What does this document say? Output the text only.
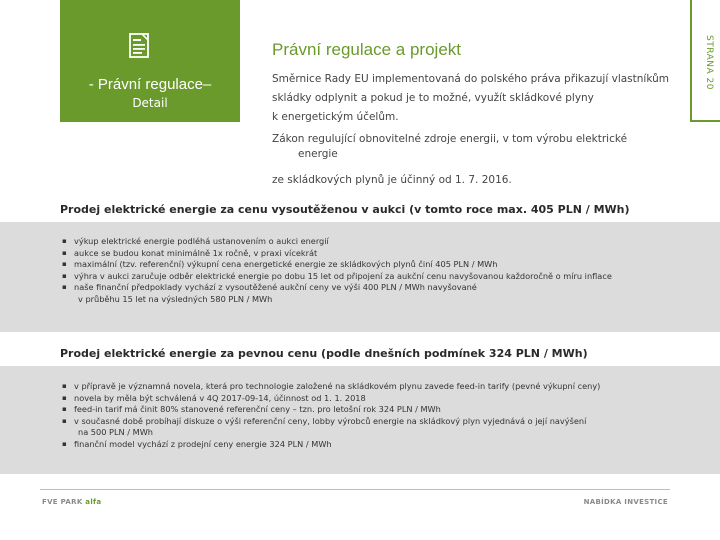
- Právní regulace–
Detail
STRANA 20
Právní regulace a projekt
Směrnice Rady EU implementovaná do polského práva přikazují vlastníkům
skládky odplynit a pokud je to možné, využít skládkové plyny
k energetickým účelům.
Zákon regulující obnovitelné zdroje energii, v tom výrobu elektrické
energie
ze skládkových plynů je účinný od 1. 7. 2016.
Prodej elektrické energie za cenu vysoutěženou v aukci (v tomto roce max. 405 PLN / MWh)
▪ výkup elektrické energie podléhá ustanovením o aukci energií
▪ aukce se budou konat minimálně 1x ročně, v praxi vícekrát
▪ maximální (tzv. referenční) výkupní cena energetické energie ze skládkových plynů činí 405 PLN / MWh
▪ výhra v aukci zaručuje odběr elektrické energie po dobu 15 let od připojení za aukční cenu navyšovanou každoročně o míru inflace
▪ naše finanční předpoklady vychází z vysoutěžené aukční ceny ve výši 400 PLN / MWh navyšované
v průběhu 15 let na výsledných 580 PLN / MWh
Prodej elektrické energie za pevnou cenu (podle dnešních podmínek 324 PLN / MWh)
▪ v přípravě je významná novela, která pro technologie založené na skládkovém plynu zavede feed-in tarify (pevné výkupní ceny)
▪ novela by měla být schválená v 4Q 2017-09-14, účinnost od 1. 1. 2018
▪ feed-in tarif má činit 80% stanovené referenční ceny – tzn. pro letošní rok 324 PLN / MWh
▪ v současné době probíhají diskuze o výši referenční ceny, lobby výrobců energie na skládkový plyn vyjednává o její navýšení
na 500 PLN / MWh
▪ finanční model vychází z prodejní ceny energie 324 PLN / MWh
FVE PARK alfa	NABÍDKA INVESTICE
